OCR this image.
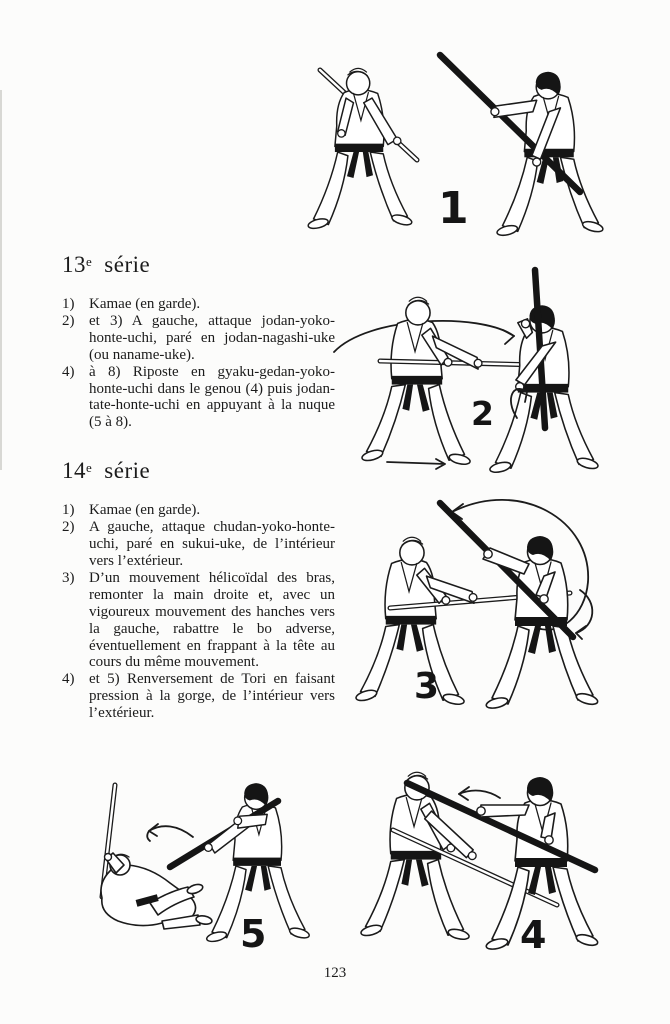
1
2
3
13e série
1) Kamae (en garde).
2) et 3) A gauche, attaque jodan-yoko-honte-uchi, paré en jodan-nagashi-uke (ou naname-uke).
4) à 8) Riposte en gyaku-gedan-yoko-honte-uchi dans le genou (4) puis jodan-tate-honte-uchi en appuyant à la nuque (5 à 8).
14e série
1) Kamae (en garde).
2) A gauche, attaque chudan-yoko-honte-uchi, paré en sukui-uke, de l’intérieur vers l’extérieur.
3) D’un mouvement hélicoïdal des bras, remonter la main droite et, avec un vigoureux mouvement des hanches vers la gauche, rabattre le bo adverse, éventuellement en frappant à la tête au cours du même mouvement.
4) et 5) Renversement de Tori en faisant pression à la gorge, de l’intérieur vers l’extérieur.
5	4
123
